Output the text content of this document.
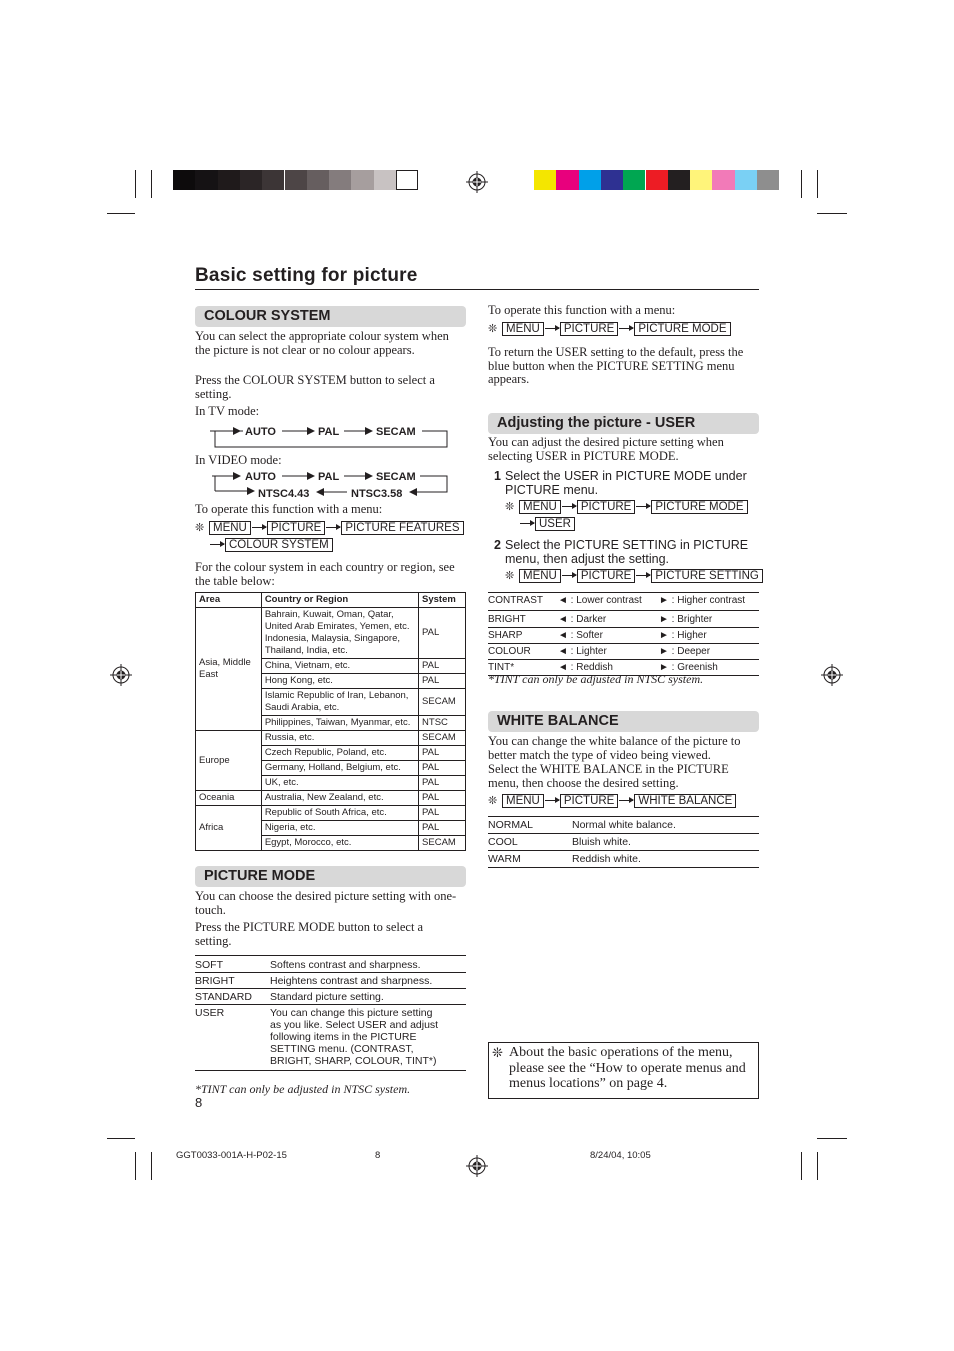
Basic setting for picture
COLOUR SYSTEM
You can select the appropriate colour system when the picture is not clear or no colour appears.
Press the COLOUR SYSTEM button to select a setting.
In TV mode:
AUTO	PAL	SECAM
In VIDEO mode:
AUTO	PAL	SECAM
NTSC4.43	NTSC3.58
To operate this function with a menu:
❊ MENU PICTURE PICTURE FEATURES
COLOUR SYSTEM
For the colour system in each country or region, see the table below:
Area	Country or Region	System
Asia, Middle East	Bahrain, Kuwait, Oman, Qatar, United Arab Emirates, Yemen, etc. Indonesia, Malaysia, Singapore, Thailand, India, etc.	PAL
	China, Vietnam, etc.	PAL
	Hong Kong, etc.	PAL
	Islamic Republic of Iran, Lebanon, Saudi Arabia, etc.	SECAM
	Philippines, Taiwan, Myanmar, etc.	NTSC
Europe	Russia, etc.	SECAM
	Czech Republic, Poland, etc.	PAL
	Germany, Holland, Belgium, etc.	PAL
	UK, etc.	PAL
Oceania	Australia, New Zealand, etc.	PAL
Africa	Republic of South Africa, etc.	PAL
	Nigeria, etc.	PAL
	Egypt, Morocco, etc.	SECAM
PICTURE MODE
You can choose the desired picture setting with one-touch.
Press the PICTURE MODE button to select a setting.
SOFT	Softens contrast and sharpness.
BRIGHT	Heightens contrast and sharpness.
STANDARD	Standard picture setting.
USER	You can change this picture setting as you like. Select USER and adjust following items in the PICTURE SETTING menu. (CONTRAST, BRIGHT, SHARP, COLOUR, TINT*)
*TINT can only be adjusted in NTSC system.
8
To operate this function with a menu:
❊ MENU PICTURE PICTURE MODE
To return the USER setting to the default, press the blue button when the PICTURE SETTING menu appears.
Adjusting the picture - USER
You can adjust the desired picture setting when selecting USER in PICTURE MODE.
1 Select the USER in PICTURE MODE under PICTURE menu.
❊ MENU PICTURE PICTURE MODE
USER
2 Select the PICTURE SETTING in PICTURE menu, then adjust the setting.
❊ MENU PICTURE PICTURE SETTING
CONTRAST	◄ : Lower contrast	► : Higher contrast
BRIGHT	◄ : Darker	► : Brighter
SHARP	◄ : Softer	► : Higher
COLOUR	◄ : Lighter	► : Deeper
TINT*	◄ : Reddish	► : Greenish
*TINT can only be adjusted in NTSC system.
WHITE BALANCE
You can change the white balance of the picture to better match the type of video being viewed.
Select the WHITE BALANCE in the PICTURE menu, then choose the desired setting.
❊ MENU PICTURE WHITE BALANCE
NORMAL	Normal white balance.
COOL	Bluish white.
WARM	Reddish white.
❊ About the basic operations of the menu, please see the “How to operate menus and menus locations” on page 4.
GGT0033-001A-H-P02-15	8	8/24/04, 10:05
